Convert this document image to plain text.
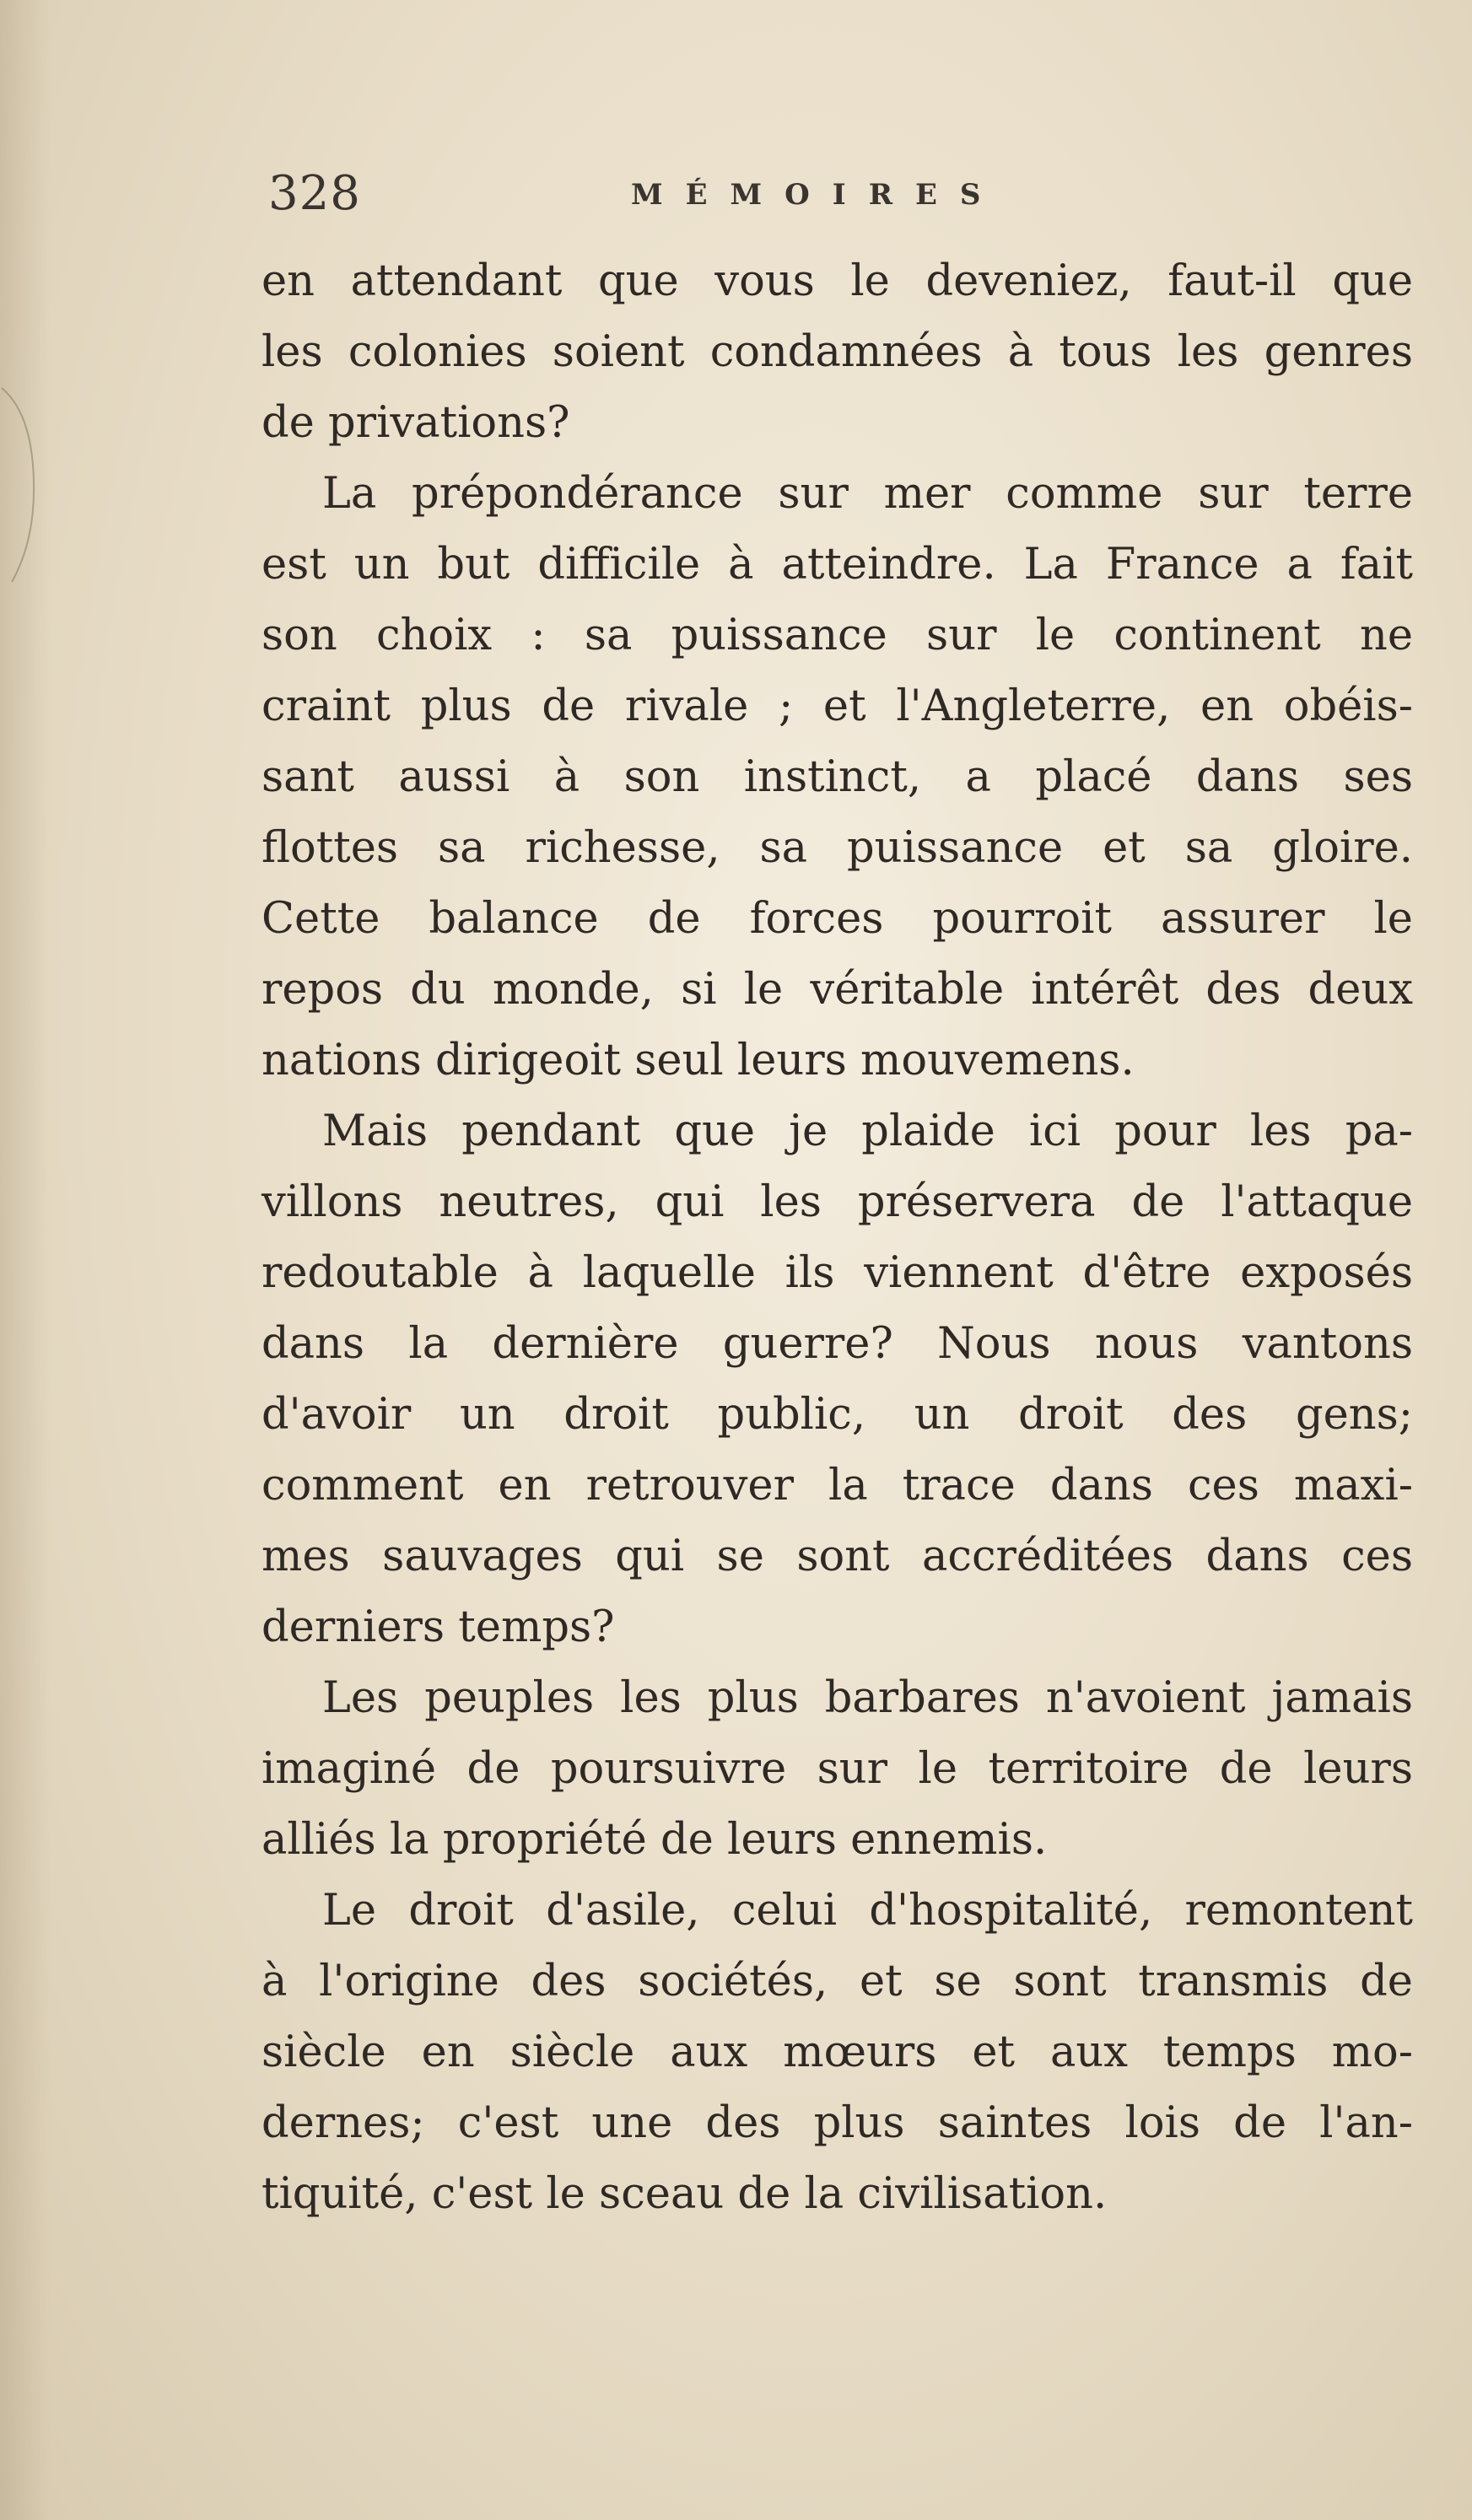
328	MÉMOIRES
en attendant que vous le deveniez, faut-il que
les colonies soient condamnées à tous les genres
de privations?
La prépondérance sur mer comme sur terre
est un but difficile à atteindre. La France a fait
son choix : sa puissance sur le continent ne
craint plus de rivale ; et l'Angleterre, en obéis-
sant aussi à son instinct, a placé dans ses
flottes sa richesse, sa puissance et sa gloire.
Cette balance de forces pourroit assurer le
repos du monde, si le véritable intérêt des deux
nations dirigeoit seul leurs mouvemens.
Mais pendant que je plaide ici pour les pa-
villons neutres, qui les préservera de l'attaque
redoutable à laquelle ils viennent d'être exposés
dans la dernière guerre? Nous nous vantons
d'avoir un droit public, un droit des gens;
comment en retrouver la trace dans ces maxi-
mes sauvages qui se sont accréditées dans ces
derniers temps?
Les peuples les plus barbares n'avoient jamais
imaginé de poursuivre sur le territoire de leurs
alliés la propriété de leurs ennemis.
Le droit d'asile, celui d'hospitalité, remontent
à l'origine des sociétés, et se sont transmis de
siècle en siècle aux mœurs et aux temps mo-
dernes; c'est une des plus saintes lois de l'an-
tiquité, c'est le sceau de la civilisation.
